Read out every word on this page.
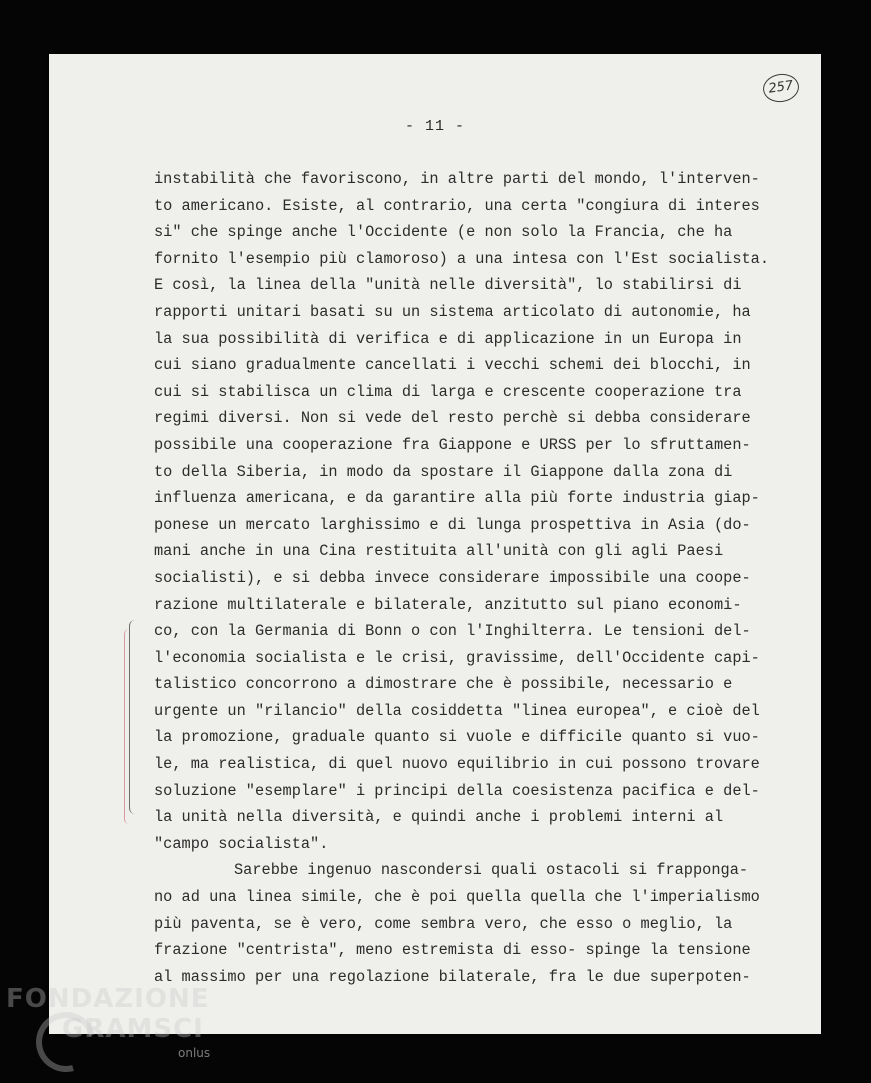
257
- 11 -
instabilità che favoriscono, in altre parti del mondo, l'interven-
to americano. Esiste, al contrario, una certa "congiura di interes
si" che spinge anche l'Occidente (e non solo la Francia, che ha
fornito l'esempio più clamoroso) a una intesa con l'Est socialista.
E così, la linea della "unità nelle diversità", lo stabilirsi di
rapporti unitari basati su un sistema articolato di autonomie, ha
la sua possibilità di verifica e di applicazione in un Europa in
cui siano gradualmente cancellati i vecchi schemi dei blocchi, in
cui si stabilisca un clima di larga e crescente cooperazione tra
regimi diversi. Non si vede del resto perchè si debba considerare
possibile una cooperazione fra Giappone e URSS per lo sfruttamen-
to della Siberia, in modo da spostare il Giappone dalla zona di
influenza americana, e da garantire alla più forte industria giap-
ponese un mercato larghissimo e di lunga prospettiva in Asia (do-
mani anche in una Cina restituita all'unità con gli agli Paesi
socialisti), e si debba invece considerare impossibile una coope-
razione multilaterale e bilaterale, anzitutto sul piano economi-
co, con la Germania di Bonn o con l'Inghilterra. Le tensioni del-
l'economia socialista e le crisi, gravissime, dell'Occidente capi-
talistico concorrono a dimostrare che è possibile, necessario e
urgente un "rilancio" della cosiddetta "linea europea", e cioè del
la promozione, graduale quanto si vuole e difficile quanto si vuo-
le, ma realistica, di quel nuovo equilibrio in cui possono trovare
soluzione "esemplare" i principi della coesistenza pacifica e del-
la unità nella diversità, e quindi anche i problemi interni al
"campo socialista".
Sarebbe ingenuo nascondersi quali ostacoli si frappongа-
no ad una linea simile, che è poi quella quella che l'imperialismo
più paventa, se è vero, come sembra vero, che esso o meglio, la
frazione "centrista", meno estremista di esso- spinge la tensione
al massimo per una regolazione bilaterale, fra le due superpoten-
FONDAZIONE
GRAMSCI
onlus
